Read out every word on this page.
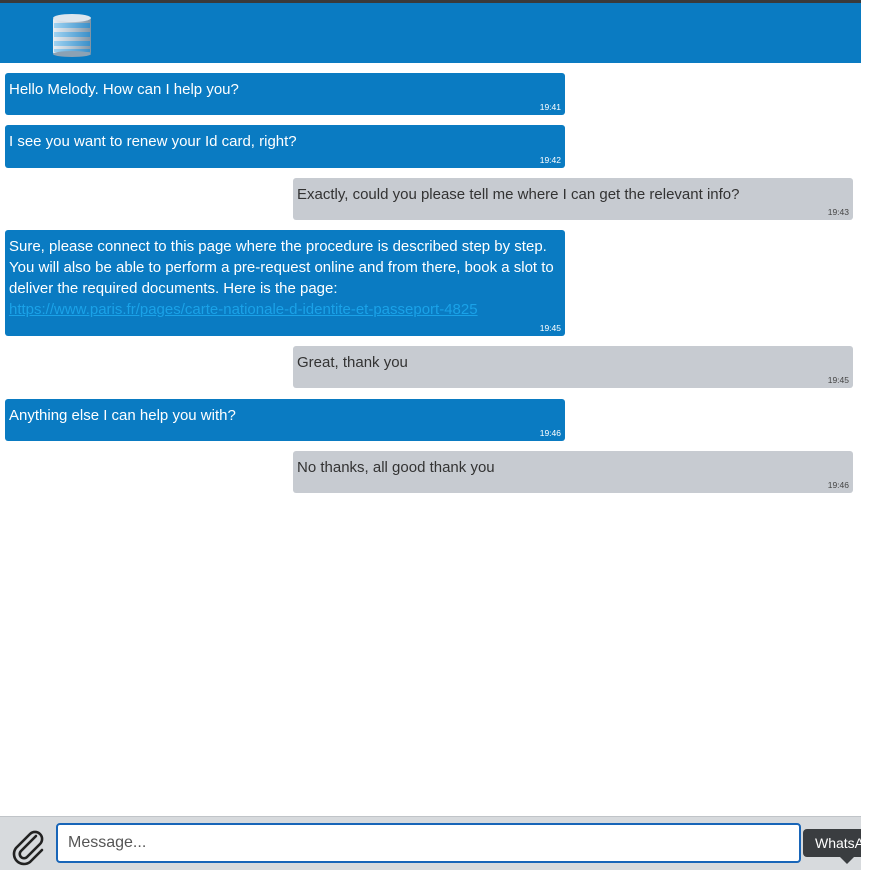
Hello Melody. How can I help you?
19:41
I see you want to renew your Id card, right?
19:42
Exactly, could you please tell me where I can get the relevant info?
19:43
Sure, please connect to this page where the procedure is described step by step. You will also be able to perform a pre-request online and from there, book a slot to deliver the required documents. Here is the page:
https://www.paris.fr/pages/carte-nationale-d-identite-et-passeport-4825
19:45
Great, thank you
19:45
Anything else I can help you with?
19:46
No thanks, all good thank you
19:46
Message...
WhatsApp
